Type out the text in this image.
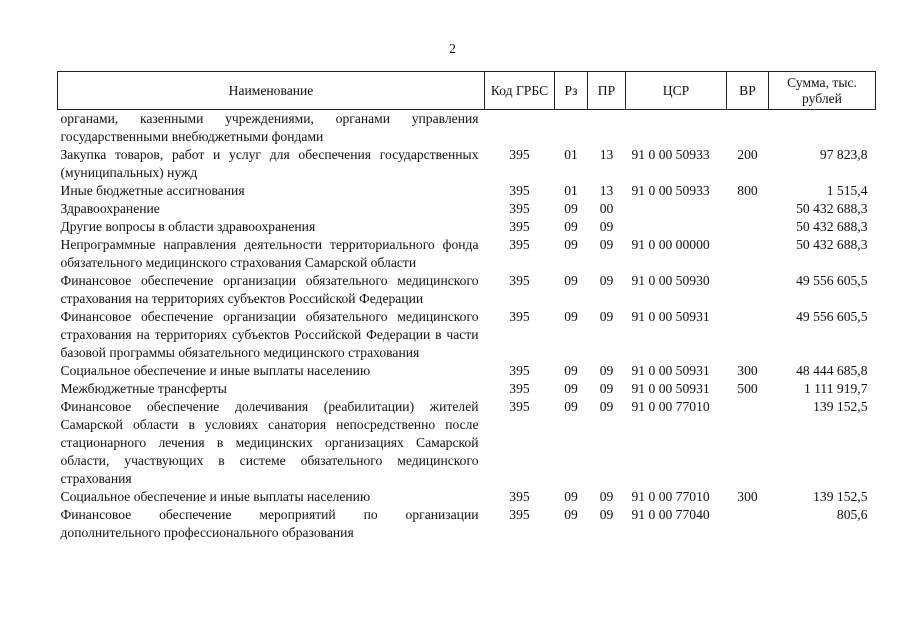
2
Наименование	Код ГРБС	Рз	ПР	ЦСР	ВР	Сумма, тыс. рублей
органами, казенными учреждениями, органами управления государственными внебюджетными фондами						
Закупка товаров, работ и услуг для обеспечения государственных (муниципальных) нужд	395	01	13	91 0 00 50933	200	97 823,8
Иные бюджетные ассигнования	395	01	13	91 0 00 50933	800	1 515,4
Здравоохранение	395	09	00			50 432 688,3
Другие вопросы в области здравоохранения	395	09	09			50 432 688,3
Непрограммные направления деятельности территориального фонда обязательного медицинского страхования Самарской области	395	09	09	91 0 00 00000		50 432 688,3
Финансовое обеспечение организации обязательного медицинского страхования на территориях субъектов Российской Федерации	395	09	09	91 0 00 50930		49 556 605,5
Финансовое обеспечение организации обязательного медицинского страхования на территориях субъектов Российской Федерации в части базовой программы обязательного медицинского страхования	395	09	09	91 0 00 50931		49 556 605,5
Социальное обеспечение и иные выплаты населению	395	09	09	91 0 00 50931	300	48 444 685,8
Межбюджетные трансферты	395	09	09	91 0 00 50931	500	1 111 919,7
Финансовое обеспечение долечивания (реабилитации) жителей Самарской области в условиях санатория непосредственно после стационарного лечения в медицинских организациях Самарской области, участвующих в системе обязательного медицинского страхования	395	09	09	91 0 00 77010		139 152,5
Социальное обеспечение и иные выплаты населению	395	09	09	91 0 00 77010	300	139 152,5
Финансовое обеспечение мероприятий по организации дополнительного профессионального образования	395	09	09	91 0 00 77040		805,6
